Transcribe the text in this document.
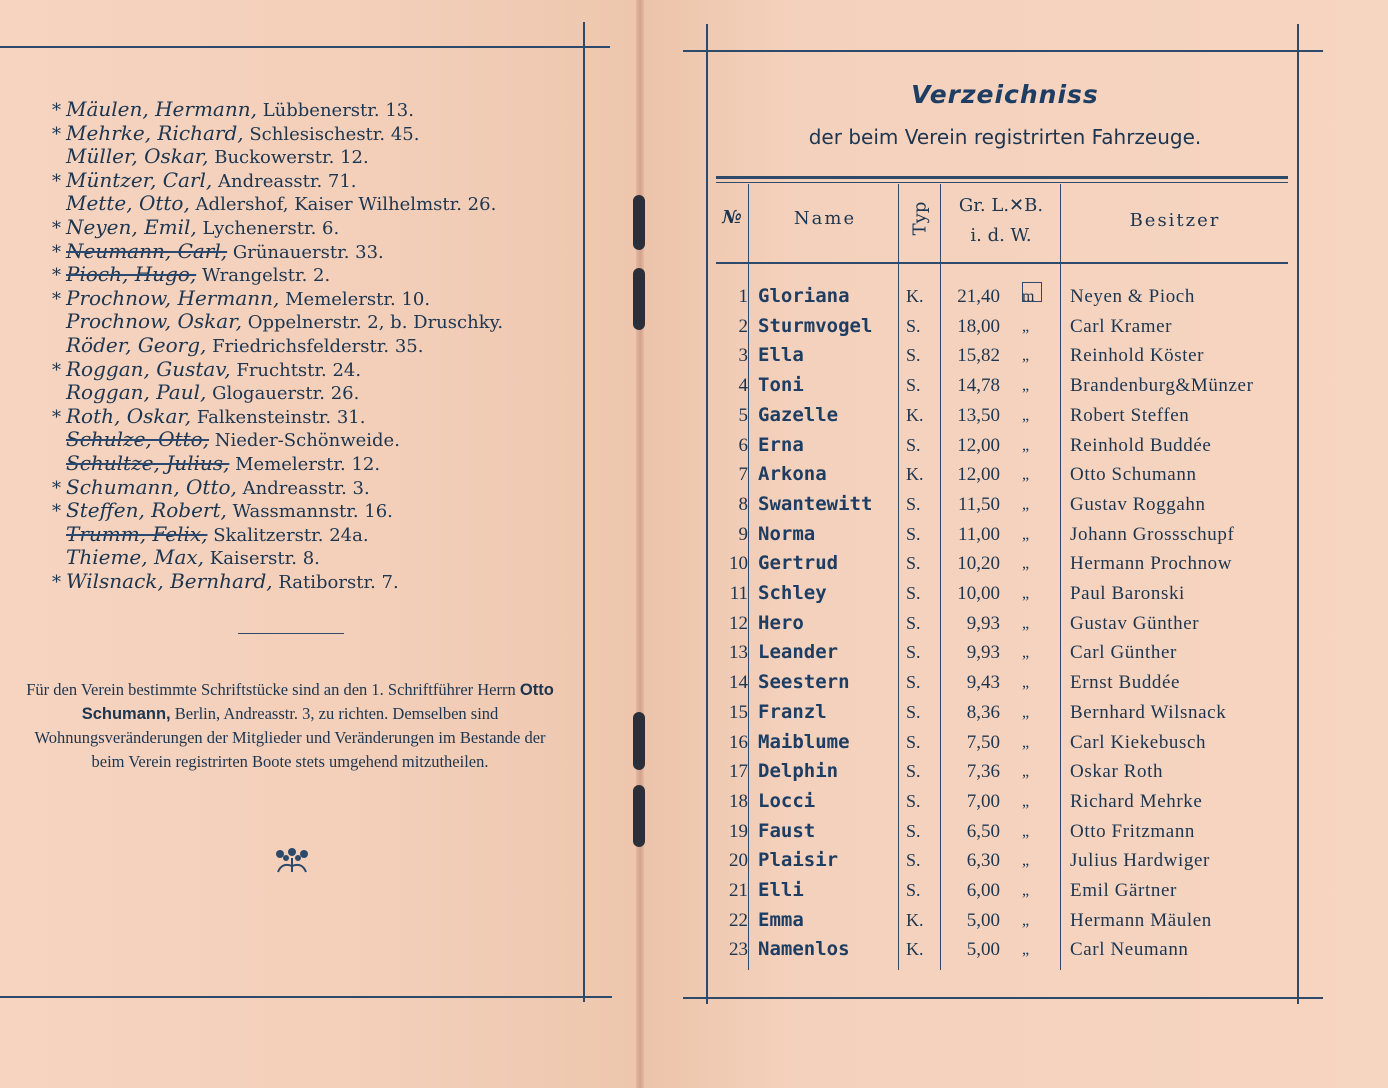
* Mäulen, Hermann, Lübbenerstr. 13.
* Mehrke, Richard, Schlesischestr. 45.
Müller, Oskar, Buckowerstr. 12.
* Müntzer, Carl, Andreasstr. 71.
Mette, Otto, Adlershof, Kaiser Wilhelmstr. 26.
* Neyen, Emil, Lychenerstr. 6.
* Neumann, Carl, Grünauerstr. 33.
* Pioch, Hugo, Wrangelstr. 2.
* Prochnow, Hermann, Memelerstr. 10.
Prochnow, Oskar, Oppelnerstr. 2, b. Druschky.
Röder, Georg, Friedrichsfelderstr. 35.
* Roggan, Gustav, Fruchtstr. 24.
Roggan, Paul, Glogauerstr. 26.
* Roth, Oskar, Falkensteinstr. 31.
Schulze, Otto, Nieder-Schönweide.
Schultze, Julius, Memelerstr. 12.
* Schumann, Otto, Andreasstr. 3.
* Steffen, Robert, Wassmannstr. 16.
Trumm, Felix, Skalitzerstr. 24a.
Thieme, Max, Kaiserstr. 8.
* Wilsnack, Bernhard, Ratiborstr. 7.
Für den Verein bestimmte Schriftstücke sind an den 1. Schriftführer Herrn Otto Schumann, Berlin, Andreasstr. 3, zu richten. Demselben sind Wohnungsveränderungen der Mitglieder und Veränderungen im Bestande der beim Verein registrirten Boote stets umgehend mitzutheilen.
Verzeichniss
der beim Verein registrirten Fahrzeuge.
№	Name	Typ	Gr. L.✕B.
i. d. W.
Besitzer
1 Gloriana	K.	21,40 m Neyen & Pioch
2 Sturmvogel S.	18,00 „ Carl Kramer
3 Ella	S.	15,82 „ Reinhold Köster
4 Toni	S.	14,78 „ Brandenburg&Münzer
5 Gazelle	K.	13,50 „ Robert Steffen
6 Erna	S.	12,00 „ Reinhold Buddée
7 Arkona	K.	12,00 „ Otto Schumann
8 Swantewitt S.	11,50 „ Gustav Roggahn
9 Norma	S.	11,00 „ Johann Grossschupf
10 Gertrud	S.	10,20 „ Hermann Prochnow
11 Schley	S.	10,00 „ Paul Baronski
12 Hero	S.	9,93 „ Gustav Günther
13 Leander	S.	9,93 „ Carl Günther
14 Seestern	S.	9,43 „ Ernst Buddée
15 Franzl	S.	8,36 „ Bernhard Wilsnack
16 Maiblume	S.	7,50 „ Carl Kiekebusch
17 Delphin	S.	7,36 „ Oskar Roth
18 Locci	S.	7,00 „ Richard Mehrke
19 Faust	S.	6,50 „ Otto Fritzmann
20 Plaisir	S.	6,30 „ Julius Hardwiger
21 Elli	S.	6,00 „ Emil Gärtner
22 Emma	K.	5,00 „ Hermann Mäulen
23 Namenlos	K.	5,00 „ Carl Neumann
